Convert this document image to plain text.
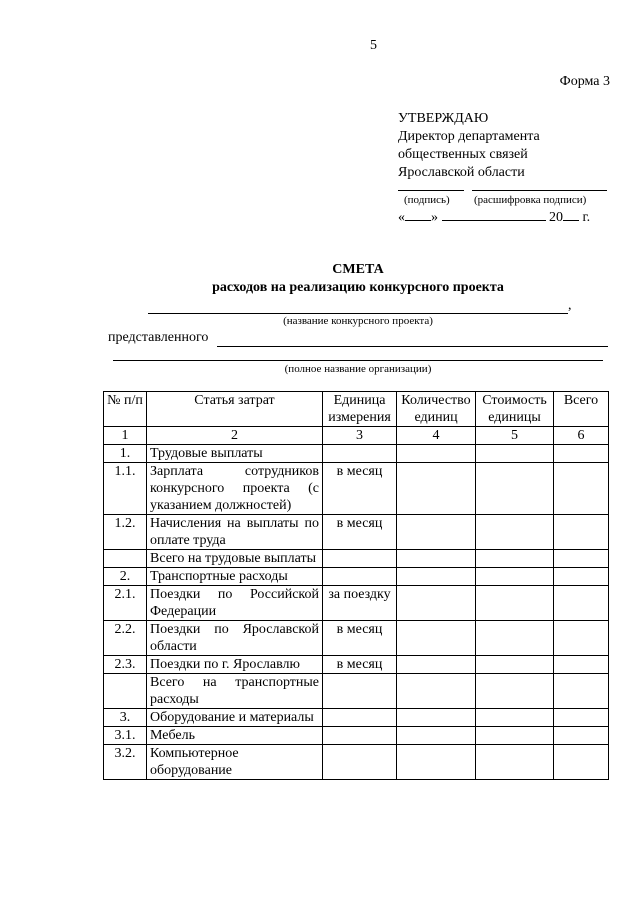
5
Форма 3
УТВЕРЖДАЮ
Директор департамента
общественных связей
Ярославской области
(подпись) (расшифровка подписи)
« »	20 г.
СМЕТА
расходов на реализацию конкурсного проекта
,
(название конкурсного проекта)
представленного
(полное название организации)
№ п/п	Статья затрат	Единица измерения	Количество единиц	Стоимость единицы	Всего
1	2	3	4	5	6
1.	Трудовые выплаты				
1.1.	Зарплата сотрудников конкурсного проекта (с указанием должностей)	в месяц			
1.2.	Начисления на выплаты по оплате труда	в месяц			
	Всего на трудовые выплаты				
2.	Транспортные расходы				
2.1.	Поездки по Российской Федерации	за поездку			
2.2.	Поездки по Ярославской области	в месяц			
2.3.	Поездки по г. Ярославлю	в месяц			
	Всего на транспортные расходы				
3.	Оборудование и материалы				
3.1.	Мебель				
3.2.	Компьютерное оборудование				
